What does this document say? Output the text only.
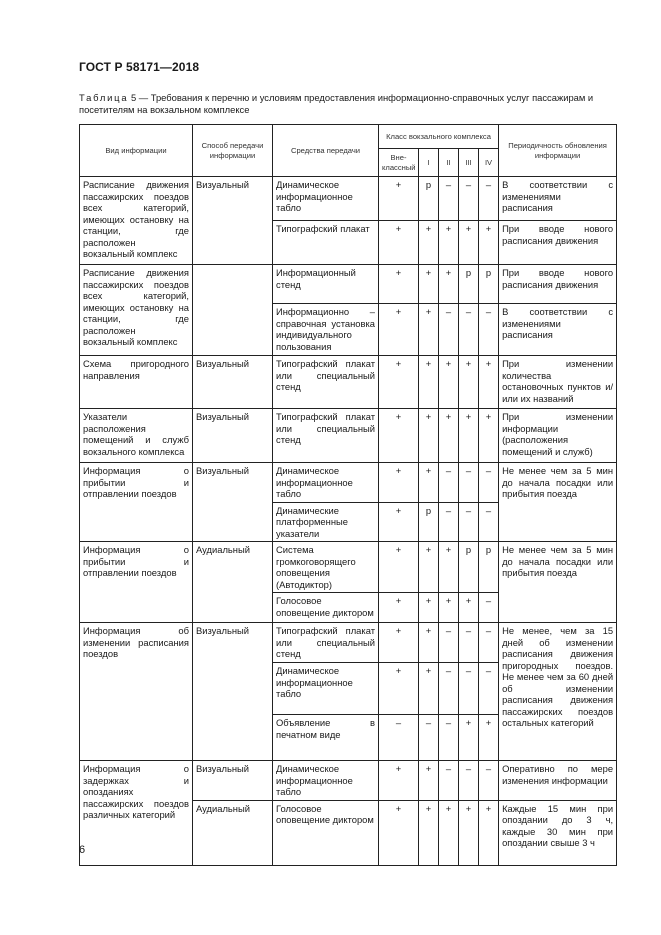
ГОСТ Р 58171—2018
Таблица 5 — Требования к перечню и условиям предоставления информационно-справочных услуг пассажирам и посетителям на вокзальном комплексе
Вид информации	Способ передачи информации	Средства передачи	Класс вокзального комплекса					Периодичность обновления информации
			Вне-классный	I	II	III	IV	
Расписание движения пассажирских поездов всех категорий, имеющих остановку на станции, где расположен вокзальный комплекс	Визуальный	Динамическое информационное табло	+	р	–	–	–	В соответствии с изменениями расписания
		Типографский плакат	+	+	+	+	+	При вводе нового расписания движения
Расписание движения пассажирских поездов всех категорий, имеющих остановку на станции, где расположен вокзальный комплекс		Информационный стенд	+	+	+	р	р	При вводе нового расписания движения
		Информационно – справочная установка индивидуального пользования	+	+	–	–	–	В соответствии с изменениями расписания
Схема пригородного направления	Визуальный	Типографский плакат или специальный стенд	+	+	+	+	+	При изменении количества остановочных пунктов и/или их названий
Указатели расположения помещений и служб вокзального комплекса	Визуальный	Типографский плакат или специальный стенд	+	+	+	+	+	При изменении информации (расположения помещений и служб)
Информация о прибытии и отправлении поездов	Визуальный	Динамическое информационное табло	+	+	–	–	–	Не менее чем за 5 мин до начала посадки или прибытия поезда
		Динамические платформенные указатели	+	р	–	–	–	
Информация о прибытии и отправлении поездов	Аудиальный	Система громкоговорящего оповещения (Автодиктор)	+	+	+	р	р	Не менее чем за 5 мин до начала посадки или прибытия поезда
		Голосовое оповещение диктором	+	+	+	+	–	
Информация об изменении расписания поездов	Визуальный	Типографский плакат или специальный стенд	+	+	–	–	–	Не менее, чем за 15 дней об изменении расписания движения пригородных поездов. Не менее чем за 60 дней об изменении расписания движения пассажирских поездов остальных категорий
		Динамическое информационное табло	+	+	–	–	–	
		Объявление в печатном виде	–	–	–	+	+	
Информация о задержках и опозданиях пассажирских поездов различных категорий	Визуальный	Динамическое информационное табло	+	+	–	–	–	Оперативно по мере изменения информации
	Аудиальный	Голосовое оповещение диктором	+	+	+	+	+	Каждые 15 мин при опоздании до 3 ч, каждые 30 мин при опоздании свыше 3 ч
6
